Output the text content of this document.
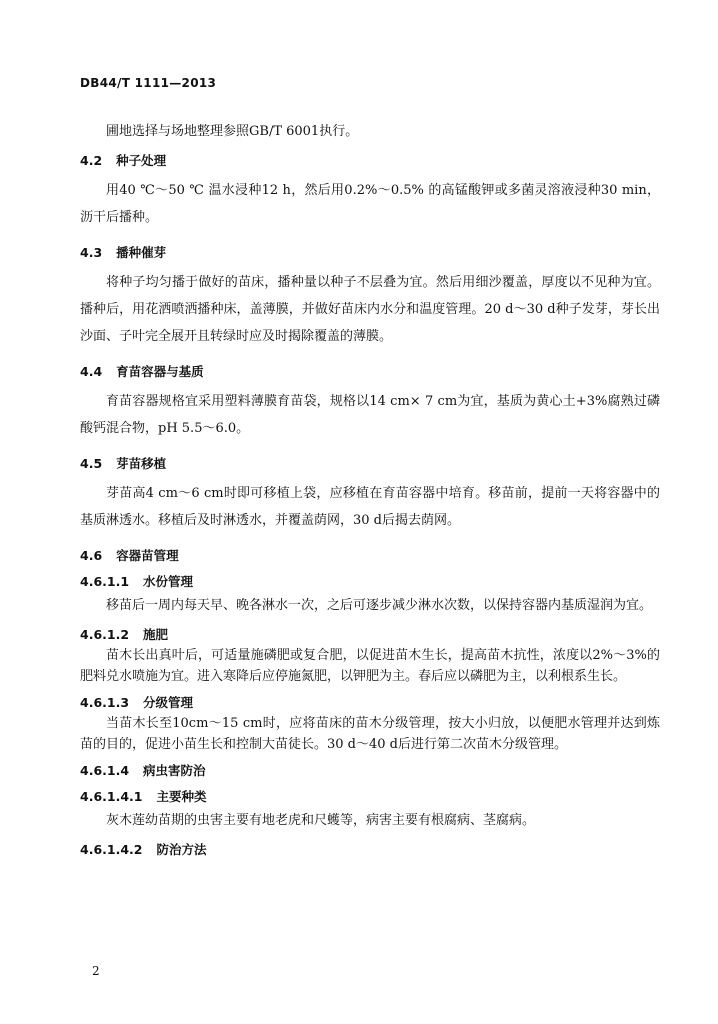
DB44/T 1111—2013

圃地选择与场地整理参照GB/T 6001执行。

4.2 种子处理

用40 ℃～50 ℃ 温水浸种12 h，然后用0.2%～0.5% 的高锰酸钾或多菌灵溶液浸种30 min，沥干后播种。

4.3 播种催芽

将种子均匀播于做好的苗床，播种量以种子不层叠为宜。然后用细沙覆盖，厚度以不见种为宜。播种后，用花洒喷洒播种床，盖薄膜，并做好苗床内水分和温度管理。20 d～30 d种子发芽，芽长出沙面、子叶完全展开且转绿时应及时揭除覆盖的薄膜。

4.4 育苗容器与基质

育苗容器规格宜采用塑料薄膜育苗袋，规格以14 cm× 7 cm为宜，基质为黄心土+3%腐熟过磷酸钙混合物，pH 5.5～6.0。

4.5 芽苗移植

芽苗高4 cm～6 cm时即可移植上袋，应移植在育苗容器中培育。移苗前，提前一天将容器中的基质淋透水。移植后及时淋透水，并覆盖荫网，30 d后揭去荫网。

4.6 容器苗管理
4.6.1.1 水份管理

移苗后一周内每天早、晚各淋水一次，之后可逐步减少淋水次数，以保持容器内基质湿润为宜。

4.6.1.2 施肥

苗木长出真叶后，可适量施磷肥或复合肥，以促进苗木生长，提高苗木抗性，浓度以2%～3%的肥料兑水喷施为宜。进入寒降后应停施氮肥，以钾肥为主。春后应以磷肥为主，以利根系生长。

4.6.1.3 分级管理

当苗木长至10cm～15 cm时，应将苗床的苗木分级管理，按大小归放，以便肥水管理并达到炼苗的目的，促进小苗生长和控制大苗徒长。30 d～40 d后进行第二次苗木分级管理。

4.6.1.4 病虫害防治
4.6.1.4.1 主要种类

灰木莲幼苗期的虫害主要有地老虎和尺蠖等，病害主要有根腐病、茎腐病。

4.6.1.4.2 防治方法
2
